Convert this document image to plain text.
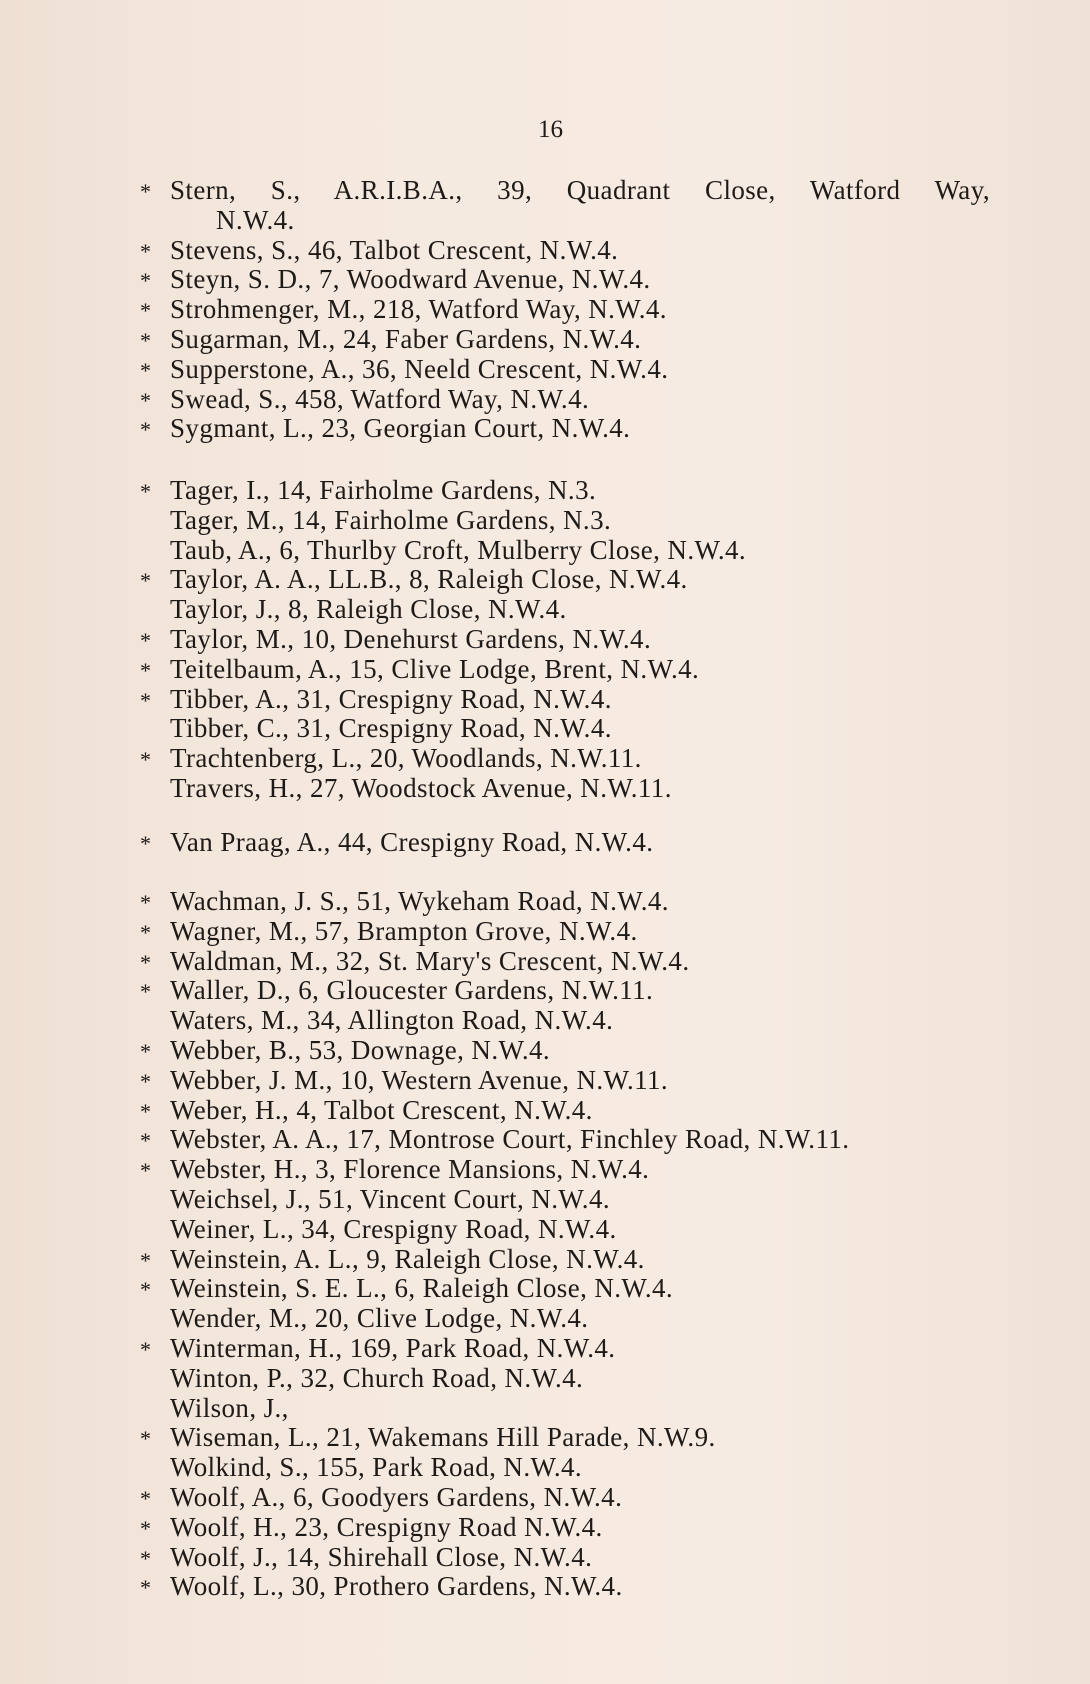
16
* Stern, S., A.R.I.B.A., 39, Quadrant Close, Watford Way,
N.W.4.
* Stevens, S., 46, Talbot Crescent, N.W.4.
* Steyn, S. D., 7, Woodward Avenue, N.W.4.
* Strohmenger, M., 218, Watford Way, N.W.4.
* Sugarman, M., 24, Faber Gardens, N.W.4.
* Supperstone, A., 36, Neeld Crescent, N.W.4.
* Swead, S., 458, Watford Way, N.W.4.
* Sygmant, L., 23, Georgian Court, N.W.4.
* Tager, I., 14, Fairholme Gardens, N.3.
Tager, M., 14, Fairholme Gardens, N.3.
Taub, A., 6, Thurlby Croft, Mulberry Close, N.W.4.
* Taylor, A. A., LL.B., 8, Raleigh Close, N.W.4.
Taylor, J., 8, Raleigh Close, N.W.4.
* Taylor, M., 10, Denehurst Gardens, N.W.4.
* Teitelbaum, A., 15, Clive Lodge, Brent, N.W.4.
* Tibber, A., 31, Crespigny Road, N.W.4.
Tibber, C., 31, Crespigny Road, N.W.4.
* Trachtenberg, L., 20, Woodlands, N.W.11.
Travers, H., 27, Woodstock Avenue, N.W.11.
* Van Praag, A., 44, Crespigny Road, N.W.4.
* Wachman, J. S., 51, Wykeham Road, N.W.4.
* Wagner, M., 57, Brampton Grove, N.W.4.
* Waldman, M., 32, St. Mary's Crescent, N.W.4.
* Waller, D., 6, Gloucester Gardens, N.W.11.
Waters, M., 34, Allington Road, N.W.4.
* Webber, B., 53, Downage, N.W.4.
* Webber, J. M., 10, Western Avenue, N.W.11.
* Weber, H., 4, Talbot Crescent, N.W.4.
* Webster, A. A., 17, Montrose Court, Finchley Road, N.W.11.
* Webster, H., 3, Florence Mansions, N.W.4.
Weichsel, J., 51, Vincent Court, N.W.4.
Weiner, L., 34, Crespigny Road, N.W.4.
* Weinstein, A. L., 9, Raleigh Close, N.W.4.
* Weinstein, S. E. L., 6, Raleigh Close, N.W.4.
Wender, M., 20, Clive Lodge, N.W.4.
* Winterman, H., 169, Park Road, N.W.4.
Winton, P., 32, Church Road, N.W.4.
Wilson, J.,
* Wiseman, L., 21, Wakemans Hill Parade, N.W.9.
Wolkind, S., 155, Park Road, N.W.4.
* Woolf, A., 6, Goodyers Gardens, N.W.4.
* Woolf, H., 23, Crespigny Road N.W.4.
* Woolf, J., 14, Shirehall Close, N.W.4.
* Woolf, L., 30, Prothero Gardens, N.W.4.
